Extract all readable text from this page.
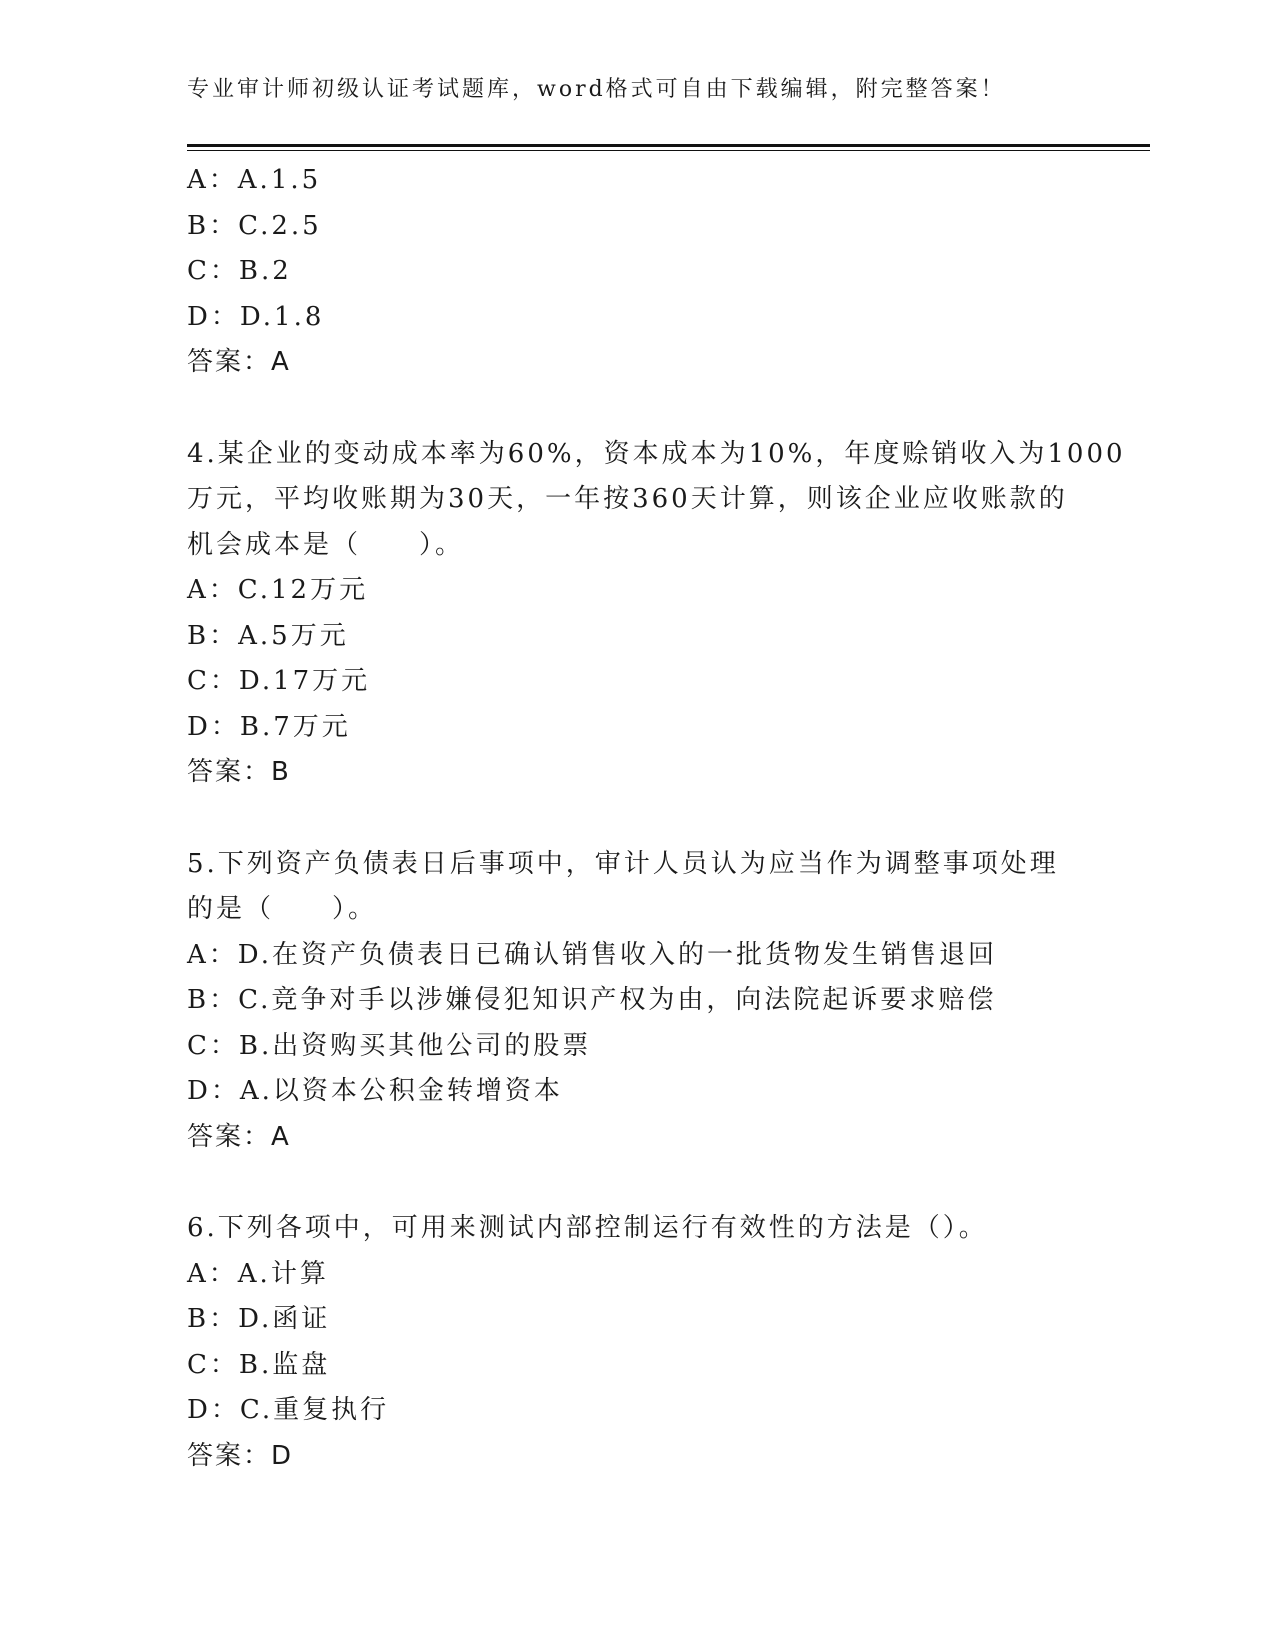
专业审计师初级认证考试题库，word格式可自由下载编辑，附完整答案！
A：A.1.5
B：C.2.5
C：B.2
D：D.1.8
答案：A
4.某企业的变动成本率为60%，资本成本为10%，年度赊销收入为1000
万元，平均收账期为30天，一年按360天计算，则该企业应收账款的
机会成本是（　　）。
A：C.12万元
B：A.5万元
C：D.17万元
D：B.7万元
答案：B
5.下列资产负债表日后事项中，审计人员认为应当作为调整事项处理
的是（　　）。
A：D.在资产负债表日已确认销售收入的一批货物发生销售退回
B：C.竞争对手以涉嫌侵犯知识产权为由，向法院起诉要求赔偿
C：B.出资购买其他公司的股票
D：A.以资本公积金转增资本
答案：A
6.下列各项中，可用来测试内部控制运行有效性的方法是（）。
A：A.计算
B：D.函证
C：B.监盘
D：C.重复执行
答案：D
